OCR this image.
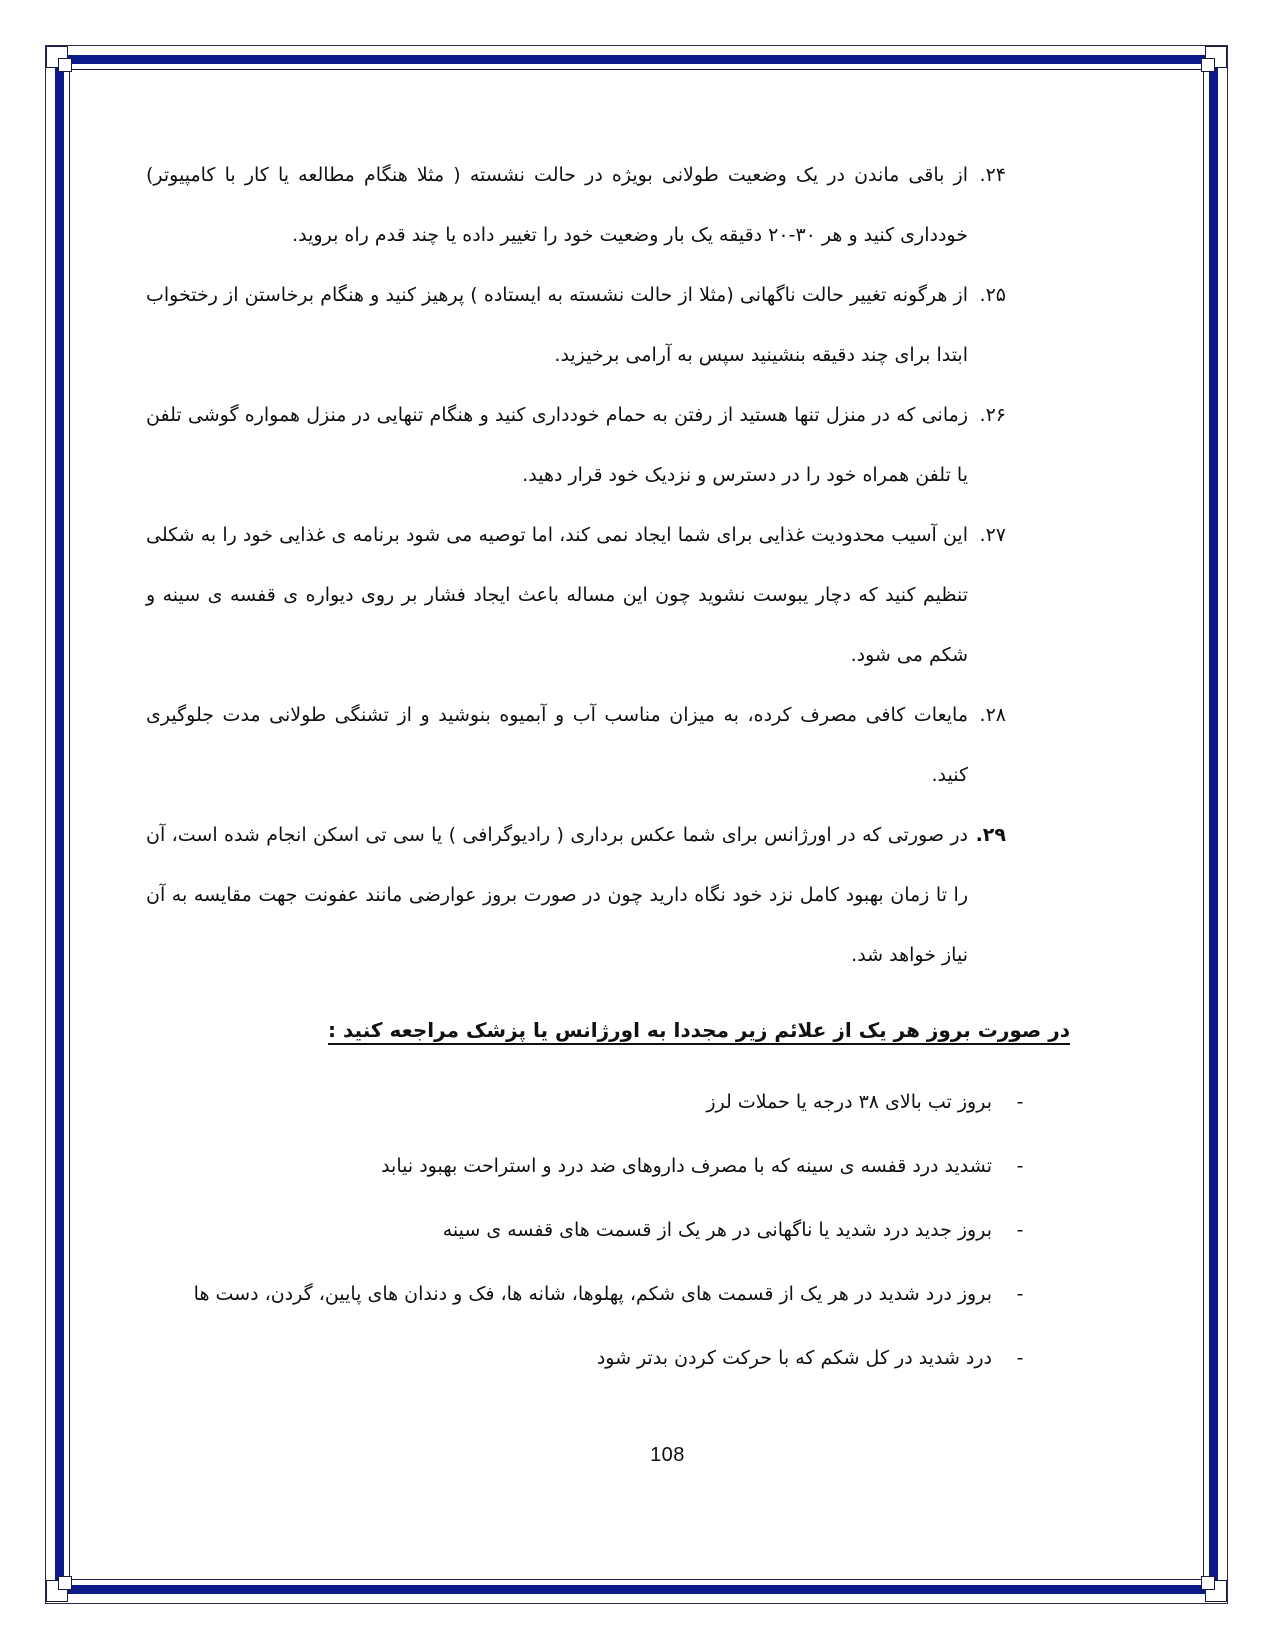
۲۴.
از باقی ماندن در یک وضعیت طولانی بویژه در حالت نشسته ( مثلا هنگام مطالعه یا کار با کامپیوتر) خودداری کنید و هر ۳۰-۲۰ دقیقه یک بار وضعیت خود را تغییر داده یا چند قدم راه بروید.
۲۵.
از هرگونه تغییر حالت ناگهانی (مثلا از حالت نشسته به ایستاده ) پرهیز کنید و هنگام برخاستن از رختخواب ابتدا برای چند دقیقه بنشینید سپس به آرامی برخیزید.
۲۶.
زمانی که در منزل تنها هستید از رفتن به حمام خودداری کنید و هنگام تنهایی در منزل همواره گوشی تلفن یا تلفن همراه خود را در دسترس و نزدیک خود قرار دهید.
۲۷.
این آسیب محدودیت غذایی برای شما ایجاد نمی کند، اما توصیه می شود برنامه ی غذایی خود را به شکلی تنظیم کنید که دچار یبوست نشوید چون این مساله باعث ایجاد فشار بر روی دیواره ی قفسه ی سینه و شکم می شود.
۲۸.
مایعات کافی مصرف کرده، به میزان مناسب آب و آبمیوه بنوشید و از تشنگی طولانی مدت جلوگیری کنید.
۲۹.
در صورتی که در اورژانس برای شما عکس برداری ( رادیوگرافی ) یا سی تی اسکن انجام شده است، آن را تا زمان بهبود کامل نزد خود نگاه دارید چون در صورت بروز عوارضی مانند عفونت جهت مقایسه به آن نیاز خواهد شد.
در صورت بروز هر یک از علائم زیر مجددا به اورژانس یا پزشک مراجعه کنید :
-
بروز تب بالای ۳۸ درجه یا حملات لرز
-
تشدید درد قفسه ی سینه که با مصرف داروهای ضد درد و استراحت بهبود نیابد
-
بروز جدید درد شدید یا ناگهانی در هر یک از قسمت های قفسه ی سینه
-
بروز درد شدید در هر یک از قسمت های شکم، پهلوها، شانه ها، فک و دندان های پایین، گردن، دست ها
-
درد شدید در کل شکم که با حرکت کردن بدتر شود
108
